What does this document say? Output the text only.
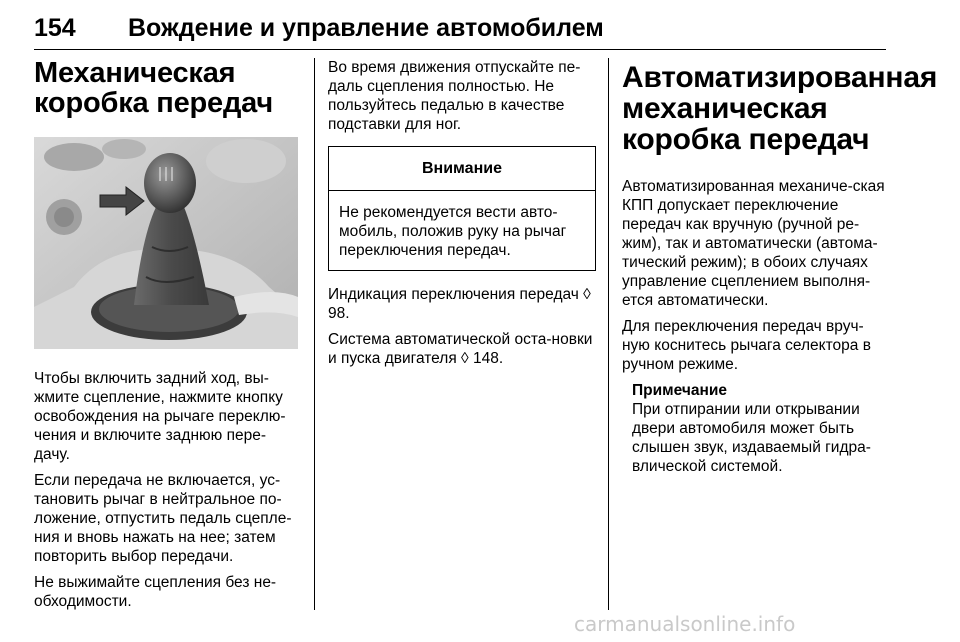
154 Вождение и управление автомобилем
Механическая коробка передач

Чтобы включить задний ход, вы-жмите сцепление, нажмите кнопку освобождения на рычаге переклю-чения и включите заднюю пере-дачу.

Если передача не включается, ус-тановить рычаг в нейтральное по-ложение, отпустить педаль сцепле-ния и вновь нажать на нее; затем повторить выбор передачи.

Не выжимайте сцепления без не-обходимости.

Во время движения отпускайте пе-даль сцепления полностью. Не пользуйтесь педалью в качестве подставки для ног.

Внимание
Не рекомендуется вести авто-мобиль, положив руку на рычаг переключения передач.

Индикация переключения передач ◊ 98.

Система автоматической оста-новки и пуска двигателя ◊ 148.

Автоматизированная механическая коробка передач

Автоматизированная механиче-ская КПП допускает переключение передач как вручную (ручной ре-жим), так и автоматически (автома-тический режим); в обоих случаях управление сцеплением выполня-ется автоматически.

Для переключения передач вруч-ную коснитесь рычага селектора в ручном режиме.

Примечание
При отпирании или открывании двери автомобиля может быть слышен звук, издаваемый гидра-влической системой.
carmanualsonline.info
